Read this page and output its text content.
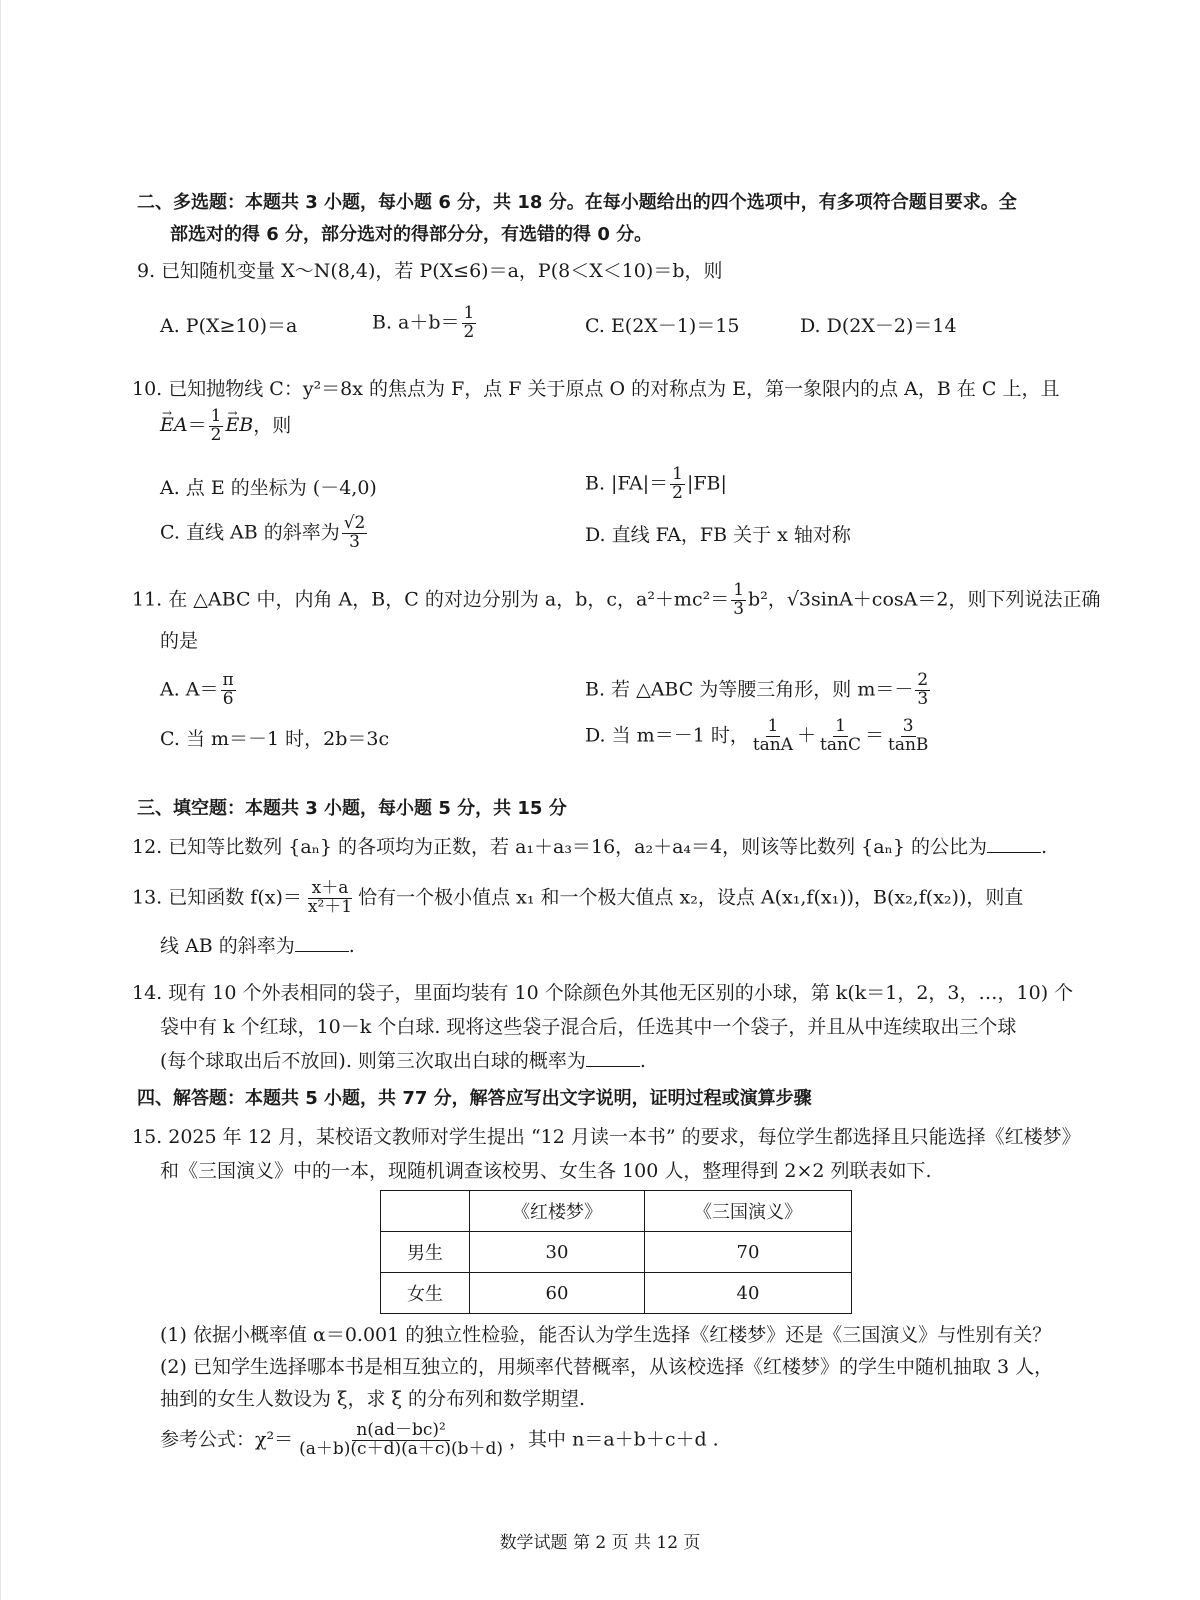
二、多选题：本题共 3 小题，每小题 6 分，共 18 分。在每小题给出的四个选项中，有多项符合题目要求。全
部选对的得 6 分，部分选对的得部分分，有选错的得 0 分。
9. 已知随机变量 X～N(8,4)，若 P(X≤6)＝a，P(8＜X＜10)＝b，则
A. P(X≥10)＝a	B. $a+b= \frac{1}{2}$	C. E(2X－1)＝15	D. D(2X－2)＝14
10. 已知抛物线 C：y²＝8x 的焦点为 F，点 F 关于原点 O 的对称点为 E，第一象限内的点 A，B 在 C 上，且
→ $EA= \frac{1}{2}$ → EB，则
A. 点 E 的坐标为 (－4,0)	B. $|FA|= \frac{1}{2} |FB|$
C. 直线 AB 的斜率为 $\frac{√2}{3}$	D. 直线 FA，FB 关于 x 轴对称
11. 在 △ABC 中，内角 A，B，C 的对边分别为 a，b，c，$a^2+mc^2= \frac{1}{3} b^2$，√3sinA＋cosA＝2，则下列说法正确
的是
A. $A= \frac{\pi}{6}$	B. 若 △ABC 为等腰三角形，则 $m=- \frac{2}{3}$
C. 当 m＝－1 时，2b＝3c	D. 当 m＝－1 时， $\frac{1}{\tan A} + \frac{1}{\tan C} = \frac{3}{\tan B}$
三、填空题：本题共 3 小题，每小题 5 分，共 15 分
12. 已知等比数列 {aₙ} 的各项均为正数，若 a₁＋a₃＝16，a₂＋a₄＝4，则该等比数列 {aₙ} 的公比为	.
13. 已知函数 $f(x)= \frac{x+a}{\text{x²＋1}}$ 恰有一个极小值点 x₁ 和一个极大值点 x₂，设点 A(x₁,f(x₁))，B(x₂,f(x₂))，则直
线 AB 的斜率为	.
14. 现有 10 个外表相同的袋子，里面均装有 10 个除颜色外其他无区别的小球，第 k(k＝1，2，3，…，10) 个
袋中有 k 个红球，10－k 个白球. 现将这些袋子混合后，任选其中一个袋子，并且从中连续取出三个球
(每个球取出后不放回). 则第三次取出白球的概率为	.
四、解答题：本题共 5 小题，共 77 分，解答应写出文字说明，证明过程或演算步骤
15. 2025 年 12 月，某校语文教师对学生提出 “12 月读一本书” 的要求，每位学生都选择且只能选择《红楼梦》
和《三国演义》中的一本，现随机调查该校男、女生各 100 人，整理得到 2×2 列联表如下.
	《红楼梦》	《三国演义》
男生	30	70
女生	60	40
(1) 依据小概率值 α＝0.001 的独立性检验，能否认为学生选择《红楼梦》还是《三国演义》与性别有关？
(2) 已知学生选择哪本书是相互独立的，用频率代替概率，从该校选择《红楼梦》的学生中随机抽取 3 人，
抽到的女生人数设为 ξ，求 ξ 的分布列和数学期望.
参考公式：$\chi^2= \frac{\text{n(ad－bc)²}}{(a+b)(c+d)(a+c)(b+d)}$ ，其中 n＝a＋b＋c＋d .
数学试题 第 2 页 共 12 页
